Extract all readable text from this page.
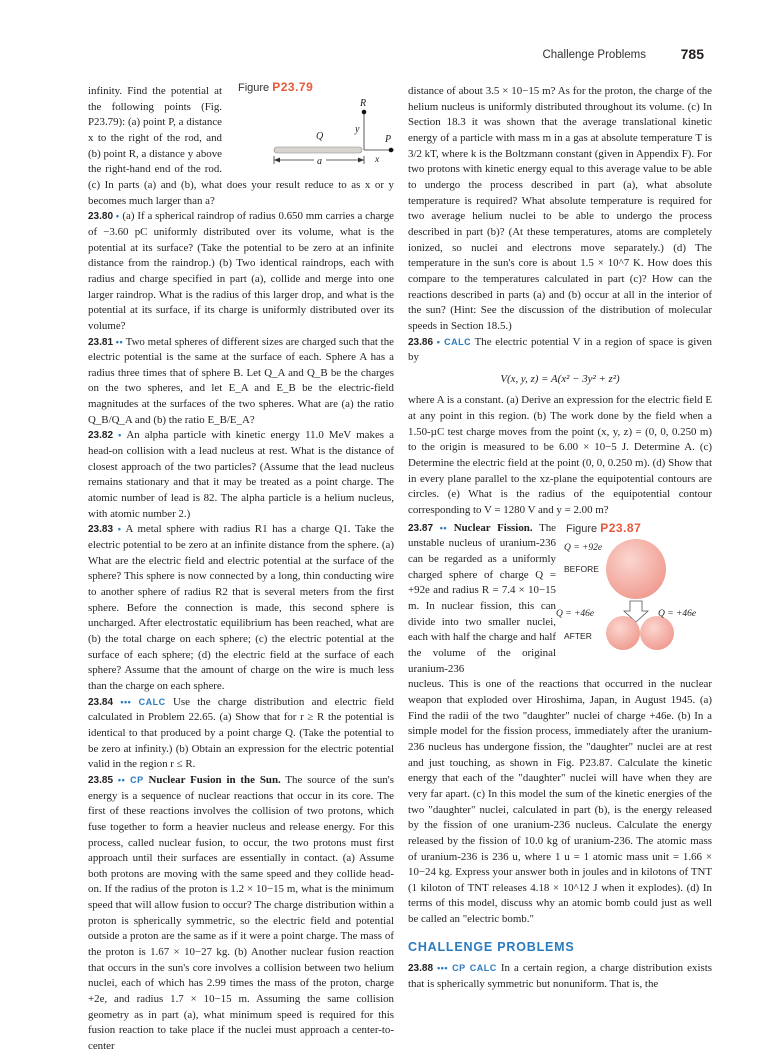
Challenge Problems 785
Figure P23.79
R
y
Q	P
x
a

infinity. Find the potential at the following points (Fig. P23.79): (a) point P, a distance x to the right of the rod, and (b) point R, a distance y above the right-hand end of the rod. (c) In parts (a) and (b), what does your result reduce to as x or y becomes much larger than a?

23.80 • (a) If a spherical raindrop of radius 0.650 mm carries a charge of −3.60 pC uniformly distributed over its volume, what is the potential at its surface? (Take the potential to be zero at an infinite distance from the raindrop.) (b) Two identical raindrops, each with radius and charge specified in part (a), collide and merge into one larger raindrop. What is the radius of this larger drop, and what is the potential at its surface, if its charge is uniformly distributed over its volume?

23.81 •• Two metal spheres of different sizes are charged such that the electric potential is the same at the surface of each. Sphere A has a radius three times that of sphere B. Let Q_A and Q_B be the charges on the two spheres, and let E_A and E_B be the electric-field magnitudes at the surfaces of the two spheres. What are (a) the ratio Q_B/Q_A and (b) the ratio E_B/E_A?

23.82 • An alpha particle with kinetic energy 11.0 MeV makes a head-on collision with a lead nucleus at rest. What is the distance of closest approach of the two particles? (Assume that the lead nucleus remains stationary and that it may be treated as a point charge. The atomic number of lead is 82. The alpha particle is a helium nucleus, with atomic number 2.)

23.83 • A metal sphere with radius R1 has a charge Q1. Take the electric potential to be zero at an infinite distance from the sphere. (a) What are the electric field and electric potential at the surface of the sphere? This sphere is now connected by a long, thin conducting wire to another sphere of radius R2 that is several meters from the first sphere. Before the connection is made, this second sphere is uncharged. After electrostatic equilibrium has been reached, what are (b) the total charge on each sphere; (c) the electric potential at the surface of each sphere; (d) the electric field at the surface of each sphere? Assume that the amount of charge on the wire is much less than the charge on each sphere.

23.84 ••• CALC Use the charge distribution and electric field calculated in Problem 22.65. (a) Show that for r ≥ R the potential is identical to that produced by a point charge Q. (Take the potential to be zero at infinity.) (b) Obtain an expression for the electric potential valid in the region r ≤ R.

23.85 •• CP Nuclear Fusion in the Sun. The source of the sun's energy is a sequence of nuclear reactions that occur in its core. The first of these reactions involves the collision of two protons, which fuse together to form a heavier nucleus and release energy. For this process, called nuclear fusion, to occur, the two protons must first approach until their surfaces are essentially in contact. (a) Assume both protons are moving with the same speed and they collide head-on. If the radius of the proton is 1.2 × 10−15 m, what is the minimum speed that will allow fusion to occur? The charge distribution within a proton is spherically symmetric, so the electric field and potential outside a proton are the same as if it were a point charge. The mass of the proton is 1.67 × 10−27 kg. (b) Another nuclear fusion reaction that occurs in the sun's core involves a collision between two helium nuclei, each of which has 2.99 times the mass of the proton, charge +2e, and radius 1.7 × 10−15 m. Assuming the same collision geometry as in part (a), what minimum speed is required for this fusion reaction to take place if the nuclei must approach a center-to-center

distance of about 3.5 × 10−15 m? As for the proton, the charge of the helium nucleus is uniformly distributed throughout its volume. (c) In Section 18.3 it was shown that the average translational kinetic energy of a particle with mass m in a gas at absolute temperature T is 3/2 kT, where k is the Boltzmann constant (given in Appendix F). For two protons with kinetic energy equal to this average value to be able to undergo the process described in part (a), what absolute temperature is required? What absolute temperature is required for two average helium nuclei to be able to undergo the process described in part (b)? (At these temperatures, atoms are completely ionized, so nuclei and electrons move separately.) (d) The temperature in the sun's core is about 1.5 × 10^7 K. How does this compare to the temperatures calculated in part (c)? How can the reactions described in parts (a) and (b) occur at all in the interior of the sun? (Hint: See the discussion of the distribution of molecular speeds in Section 18.5.)

23.86 • CALC The electric potential V in a region of space is given by

V(x, y, z) = A(x² − 3y² + z²)

where A is a constant. (a) Derive an expression for the electric field E at any point in this region. (b) The work done by the field when a 1.50-µC test charge moves from the point (x, y, z) = (0, 0, 0.250 m) to the origin is measured to be 6.00 × 10−5 J. Determine A. (c) Determine the electric field at the point (0, 0, 0.250 m). (d) Show that in every plane parallel to the xz-plane the equipotential contours are circles. (e) What is the radius of the equipotential contour corresponding to V = 1280 V and y = 2.00 m?

Figure P23.87
Q = +92e
BEFORE
Q = +46e	Q = +46e
AFTER

23.87 •• Nuclear Fission. The unstable nucleus of uranium-236 can be regarded as a uniformly charged sphere of charge Q = +92e and radius R = 7.4 × 10−15 m. In nuclear fission, this can divide into two smaller nuclei, each with half the charge and half the volume of the original uranium-236

nucleus. This is one of the reactions that occurred in the nuclear weapon that exploded over Hiroshima, Japan, in August 1945. (a) Find the radii of the two "daughter" nuclei of charge +46e. (b) In a simple model for the fission process, immediately after the uranium-236 nucleus has undergone fission, the "daughter" nuclei are at rest and just touching, as shown in Fig. P23.87. Calculate the kinetic energy that each of the "daughter" nuclei will have when they are very far apart. (c) In this model the sum of the kinetic energies of the two "daughter" nuclei, calculated in part (b), is the energy released by the fission of one uranium-236 nucleus. Calculate the energy released by the fission of 10.0 kg of uranium-236. The atomic mass of uranium-236 is 236 u, where 1 u = 1 atomic mass unit = 1.66 × 10−24 kg. Express your answer both in joules and in kilotons of TNT (1 kiloton of TNT releases 4.18 × 10^12 J when it explodes). (d) In terms of this model, discuss why an atomic bomb could just as well be called an "electric bomb."

CHALLENGE PROBLEMS

23.88 ••• CP CALC In a certain region, a charge distribution exists that is spherically symmetric but nonuniform. That is, the
